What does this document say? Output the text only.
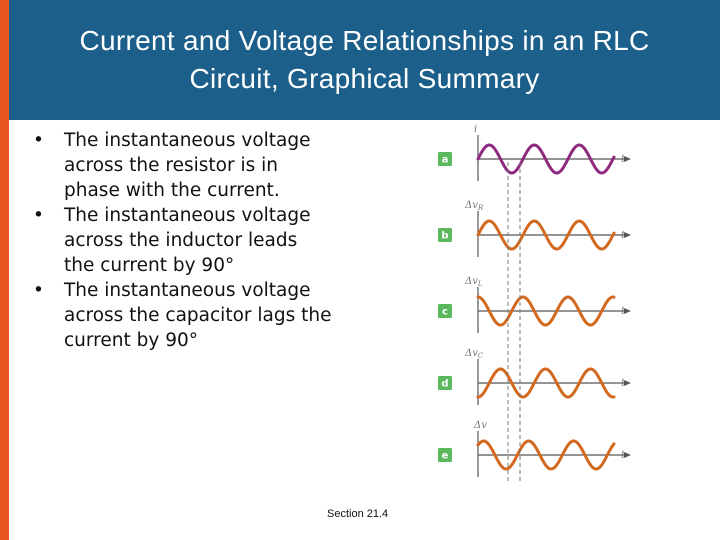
Current and Voltage Relationships in an RLC
Circuit, Graphical Summary
• The instantaneous voltage
across the resistor is in
phase with the current.
• The instantaneous voltage
across the inductor leads
the current by 90°
• The instantaneous voltage
across the capacitor lags the
current by 90°
t
i
a
t
$\Delta v_R$
b
t
$\Delta v_L$
c
t
$\Delta v_C$
d
t
Δv
e
Section 21.4
